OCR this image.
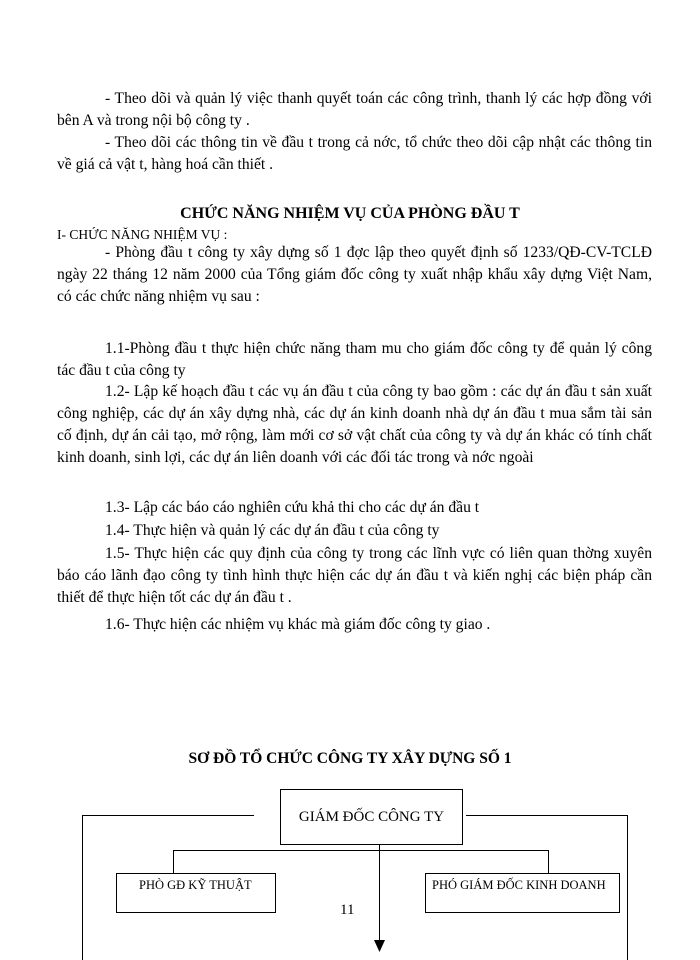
- Theo dõi và quản lý việc thanh quyết toán các công trình, thanh lý các hợp đồng với bên A và trong nội bộ công ty .

- Theo dõi các thông tin về đầu t trong cả nớc, tổ chức theo dõi cập nhật các thông tin về giá cả vật t, hàng hoá cần thiết .

CHỨC NĂNG NHIỆM VỤ CỦA PHÒNG ĐẦU T

I- CHỨC NĂNG NHIỆM VỤ :

- Phòng đầu t công ty xây dựng số 1 đợc lập theo quyết định số 1233/QĐ-CV-TCLĐ ngày 22 tháng 12 năm 2000 của Tổng giám đốc công ty xuất nhập khẩu xây dựng Việt Nam, có các chức năng nhiệm vụ sau :

1.1-Phòng đầu t thực hiện chức năng tham mu cho giám đốc công ty để quản lý công tác đầu t của công ty

1.2- Lập kế hoạch đầu t các vụ án đầu t của công ty bao gồm : các dự án đầu t sản xuất công nghiệp, các dự án xây dựng nhà, các dự án kinh doanh nhà dự án đầu t mua sắm tài sản cố định, dự án cải tạo, mở rộng, làm mới cơ sở vật chất của công ty và dự án khác có tính chất kinh doanh, sinh lợi, các dự án liên doanh với các đối tác trong và nớc ngoài

1.3- Lập các báo cáo nghiên cứu khả thi cho các dự án đầu t

1.4- Thực hiện và quản lý các dự án đầu t của công ty

1.5- Thực hiện các quy định của công ty trong các lĩnh vực có liên quan thờng xuyên báo cáo lãnh đạo công ty tình hình thực hiện các dự án đầu t và kiến nghị các biện pháp cần thiết để thực hiện tốt các dự án đầu t .

1.6- Thực hiện các nhiệm vụ khác mà giám đốc công ty giao .

SƠ ĐỒ TỔ CHỨC CÔNG TY XÂY DỰNG SỐ 1
GIÁM ĐỐC CÔNG TY
PHÒ GĐ KỸ THUẬT	PHÓ GIÁM ĐỐC KINH DOANH
11
